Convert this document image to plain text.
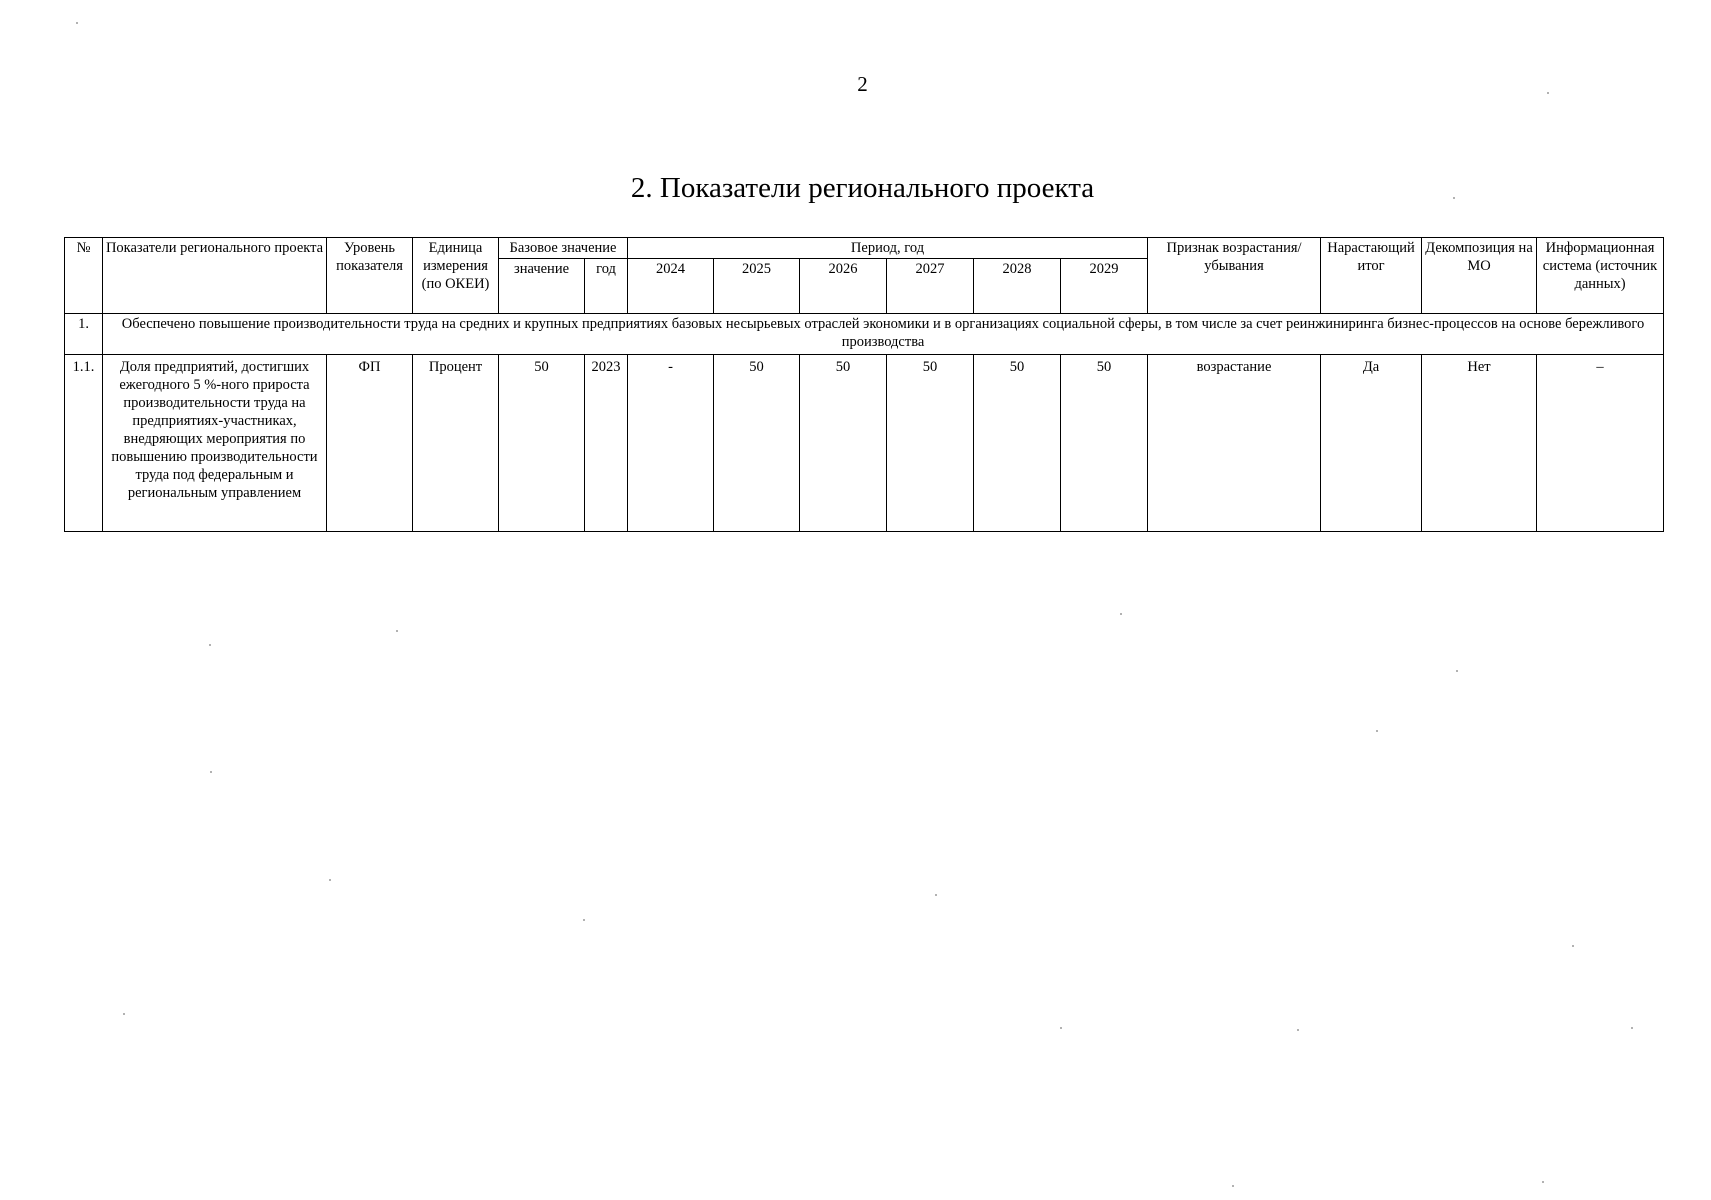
2
2. Показатели регионального проекта
№	Показатели регионального проекта	Уровень показателя	Единица измерения (по ОКЕИ)	Базовое значение		Период, год						Признак возрастания/убывания	Нарастающий итог	Декомпозиция на МО	Информационная система (источник данных)
				значение	год	2024	2025	2026	2027	2028	2029				
1.	Обеспечено повышение производительности труда на средних и крупных предприятиях базовых несырьевых отраслей экономики и в организациях социальной сферы, в том числе за счет реинжиниринга бизнес-процессов на основе бережливого производства														
1.1.	Доля предприятий, достигших ежегодного 5 %-ного прироста производительности труда на предприятиях-участниках, внедряющих мероприятия по повышению производительности труда под федеральным и региональным управлением	ФП	Процент	50	2023	-	50	50	50	50	50	возрастание	Да	Нет	–
